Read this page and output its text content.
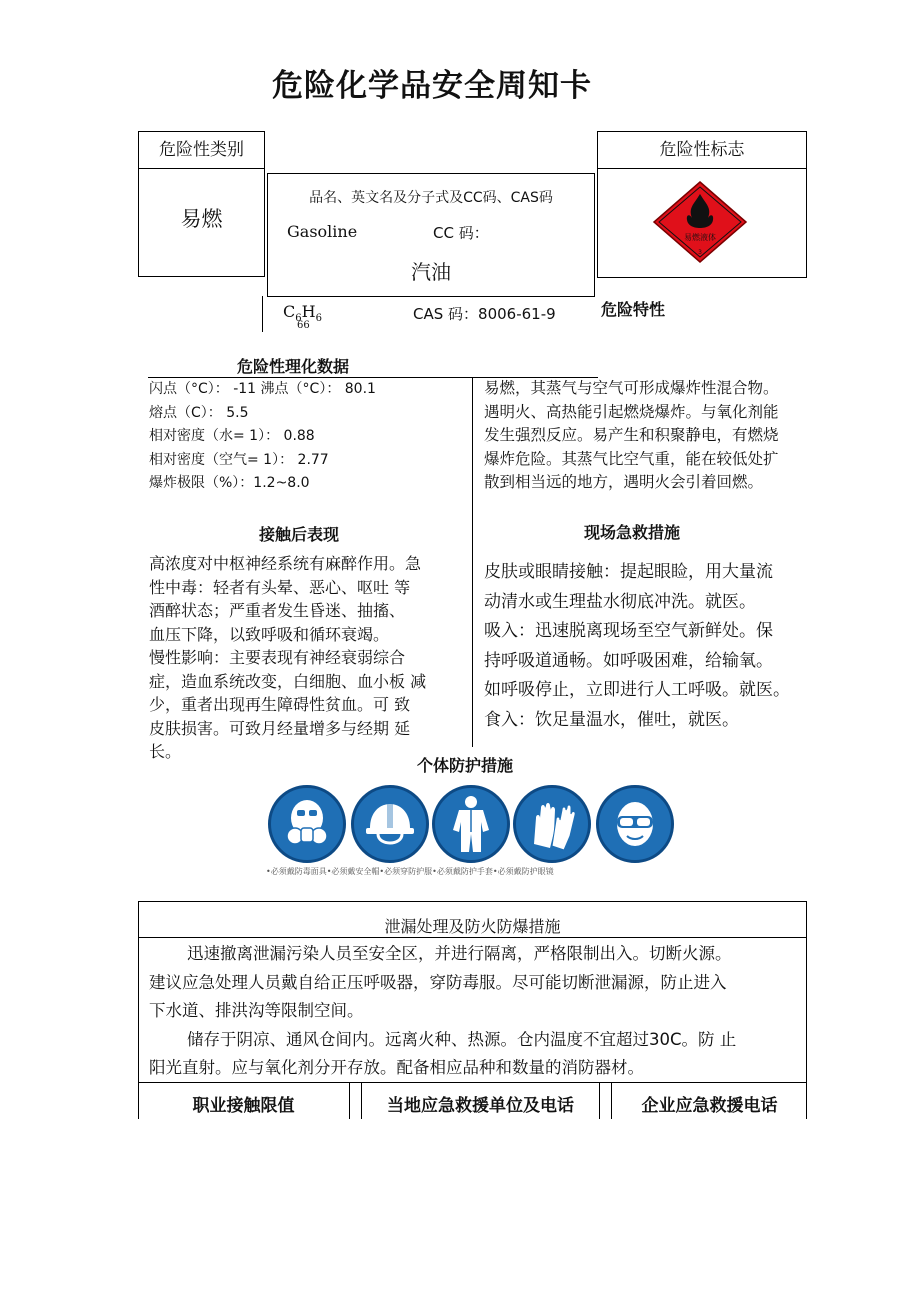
危险化学品安全周知卡
危险性类别
易燃
品名、英文名及分子式及CC码、CAS码
Gasoline	CC 码：
汽油
$C_6H_6$
66
CAS 码：8006-61-9
危险性标志
易燃液体
3
危险特性
危险性理化数据
闪点（°C）： -11 沸点（°C）： 80.1
熔点（C）： 5.5
相对密度（水= 1）： 0.88
相对密度（空气= 1）： 2.77
爆炸极限（%）：1.2~8.0
易燃，其蒸气与空气可形成爆炸性混合物。
遇明火、高热能引起燃烧爆炸。与氧化剂能
发生强烈反应。易产生和积聚静电，有燃烧
爆炸危险。其蒸气比空气重，能在较低处扩
散到相当远的地方，遇明火会引着回燃。
接触后表现
高浓度对中枢神经系统有麻醉作用。急
性中毒：轻者有头晕、恶心、呕吐 等
酒醉状态；严重者发生昏迷、抽搐、
血压下降，以致呼吸和循环衰竭。
慢性影响：主要表现有神经衰弱综合
症，造血系统改变，白细胞、血小板 减
少，重者出现再生障碍性贫血。可 致
皮肤损害。可致月经量增多与经期 延
长。
现场急救措施
皮肤或眼睛接触：提起眼睑，用大量流
动清水或生理盐水彻底冲洗。就医。
吸入：迅速脱离现场至空气新鲜处。保
持呼吸道通畅。如呼吸困难，给输氧。
如呼吸停止，立即进行人工呼吸。就医。
食入：饮足量温水，催吐，就医。
个体防护措施
•必须戴防毒面具•必须戴安全帽•必须穿防护服•必须戴防护手套•必须戴防护眼镜
泄漏处理及防火防爆措施
迅速撤离泄漏污染人员至安全区，并进行隔离，严格限制出入。切断火源。
建议应急处理人员戴自给正压呼吸器，穿防毒服。尽可能切断泄漏源，防止进入
下水道、排洪沟等限制空间。
储存于阴凉、通风仓间内。远离火种、热源。仓内温度不宜超过30C。防 止
阳光直射。应与氧化剂分开存放。配备相应品种和数量的消防器材。
职业接触限值	当地应急救援单位及电话	企业应急救援电话
